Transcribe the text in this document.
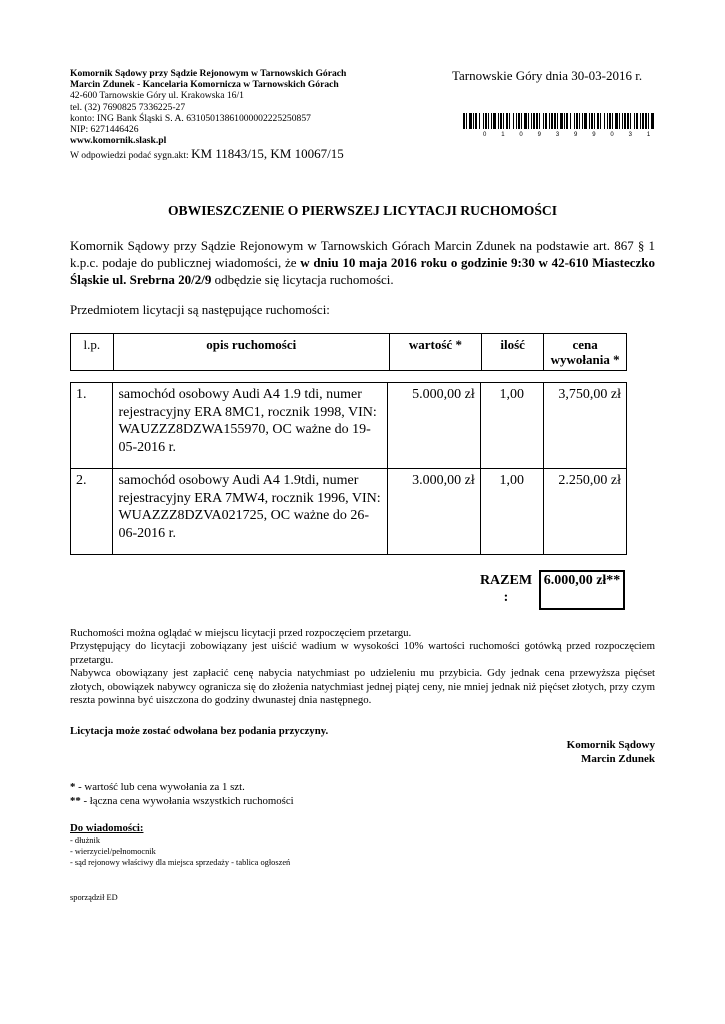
Komornik Sądowy przy Sądzie Rejonowym w Tarnowskich Górach
Marcin Zdunek - Kancelaria Komornicza w Tarnowskich Górach
42-600 Tarnowskie Góry ul. Krakowska 16/1
tel. (32) 7690825 7336225-27
konto: ING Bank Śląski S. A. 63105013861000002225250857
NIP: 6271446426
www.komornik.slask.pl
W odpowiedzi podać sygn.akt: KM 11843/15, KM 10067/15
Tarnowskie Góry dnia 30-03-2016 r.
0 1 0 9 3 9 9 0 3 1
OBWIESZCZENIE O PIERWSZEJ LICYTACJI RUCHOMOŚCI
Komornik Sądowy przy Sądzie Rejonowym w Tarnowskich Górach Marcin Zdunek na podstawie art. 867 § 1 k.p.c. podaje do publicznej wiadomości, że w dniu 10 maja 2016 roku o godzinie 9:30 w 42-610 Miasteczko Śląskie ul. Srebrna 20/2/9 odbędzie się licytacja ruchomości.
Przedmiotem licytacji są następujące ruchomości:
l.p.	opis ruchomości	wartość *	ilość	cena wywołania *
1.	samochód osobowy Audi A4 1.9 tdi, numer rejestracyjny ERA 8MC1, rocznik 1998, VIN: WAUZZZ8DZWA155970, OC ważne do 19-05-2016 r.	5.000,00 zł	1,00	3,750,00 zł
2.	samochód osobowy Audi A4 1.9tdi, numer rejestracyjny ERA 7MW4, rocznik 1996, VIN: WUAZZZ8DZVA021725, OC ważne do 26-06-2016 r.	3.000,00 zł	1,00	2.250,00 zł
RAZEM :
6.000,00 zł**
Ruchomości można oglądać w miejscu licytacji przed rozpoczęciem przetargu.
Przystępujący do licytacji zobowiązany jest uiścić wadium w wysokości 10% wartości ruchomości gotówką przed rozpoczęciem przetargu.
Nabywca obowiązany jest zapłacić cenę nabycia natychmiast po udzieleniu mu przybicia. Gdy jednak cena przewyższa pięćset złotych, obowiązek nabywcy ogranicza się do złożenia natychmiast jednej piątej ceny, nie mniej jednak niż pięćset złotych, przy czym reszta powinna być uiszczona do godziny dwunastej dnia następnego.
Licytacja może zostać odwołana bez podania przyczyny.
Komornik Sądowy
Marcin Zdunek
* - wartość lub cena wywołania za 1 szt.
** - łączna cena wywołania wszystkich ruchomości
Do wiadomości:
- dłużnik
- wierzyciel/pełnomocnik
- sąd rejonowy właściwy dla miejsca sprzedaży - tablica ogłoszeń
sporządził ED
